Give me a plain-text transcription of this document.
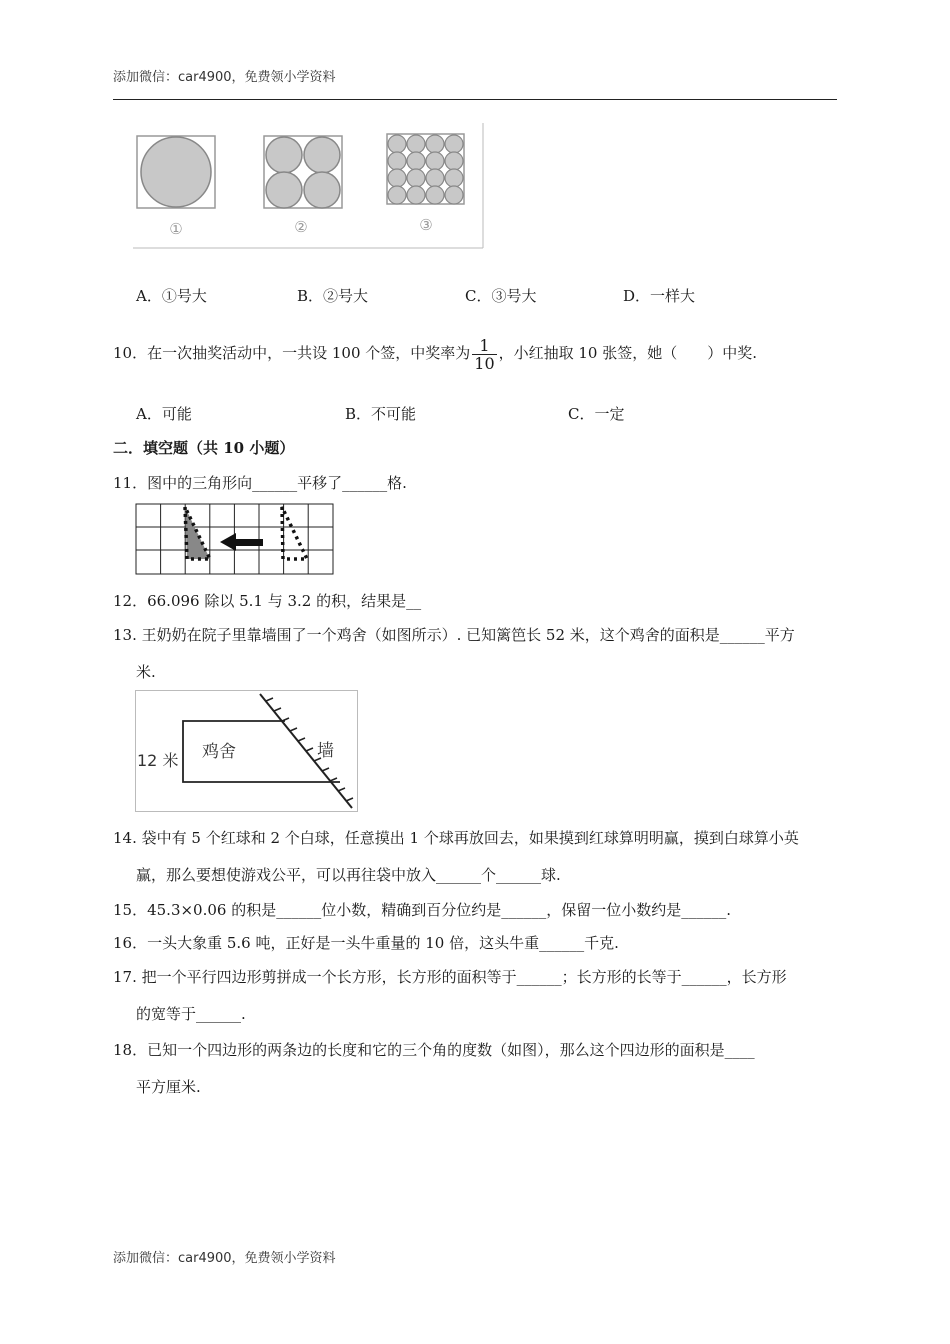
添加微信：car4900，免费领小学资料
①	②	③
A．①号大	B．②号大	C．③号大	D．一样大
10．在一次抽奖活动中，一共设 100 个签，中奖率为 $\frac{1}{10}$ ，小红抽取 10 张签，她（　　）中奖.
A．可能	B．不可能	C．一定
二．填空题（共 10 小题）
11．图中的三角形向______平移了______格.
12．66.096 除以 5.1 与 3.2 的积，结果是__
13. 王奶奶在院子里靠墙围了一个鸡舍（如图所示）. 已知篱笆长 52 米，这个鸡舍的面积是______平方
米.
12 米 鸡舍	墙
14. 袋中有 5 个红球和 2 个白球，任意摸出 1 个球再放回去，如果摸到红球算明明赢，摸到白球算小英
赢，那么要想使游戏公平，可以再往袋中放入______个______球.
15．45.3×0.06 的积是______位小数，精确到百分位约是______，保留一位小数约是______.
16．一头大象重 5.6 吨，正好是一头牛重量的 10 倍，这头牛重______千克.
17. 把一个平行四边形剪拼成一个长方形，长方形的面积等于______；长方形的长等于______，长方形
的宽等于______.
18．已知一个四边形的两条边的长度和它的三个角的度数（如图），那么这个四边形的面积是____
平方厘米.
添加微信：car4900，免费领小学资料
